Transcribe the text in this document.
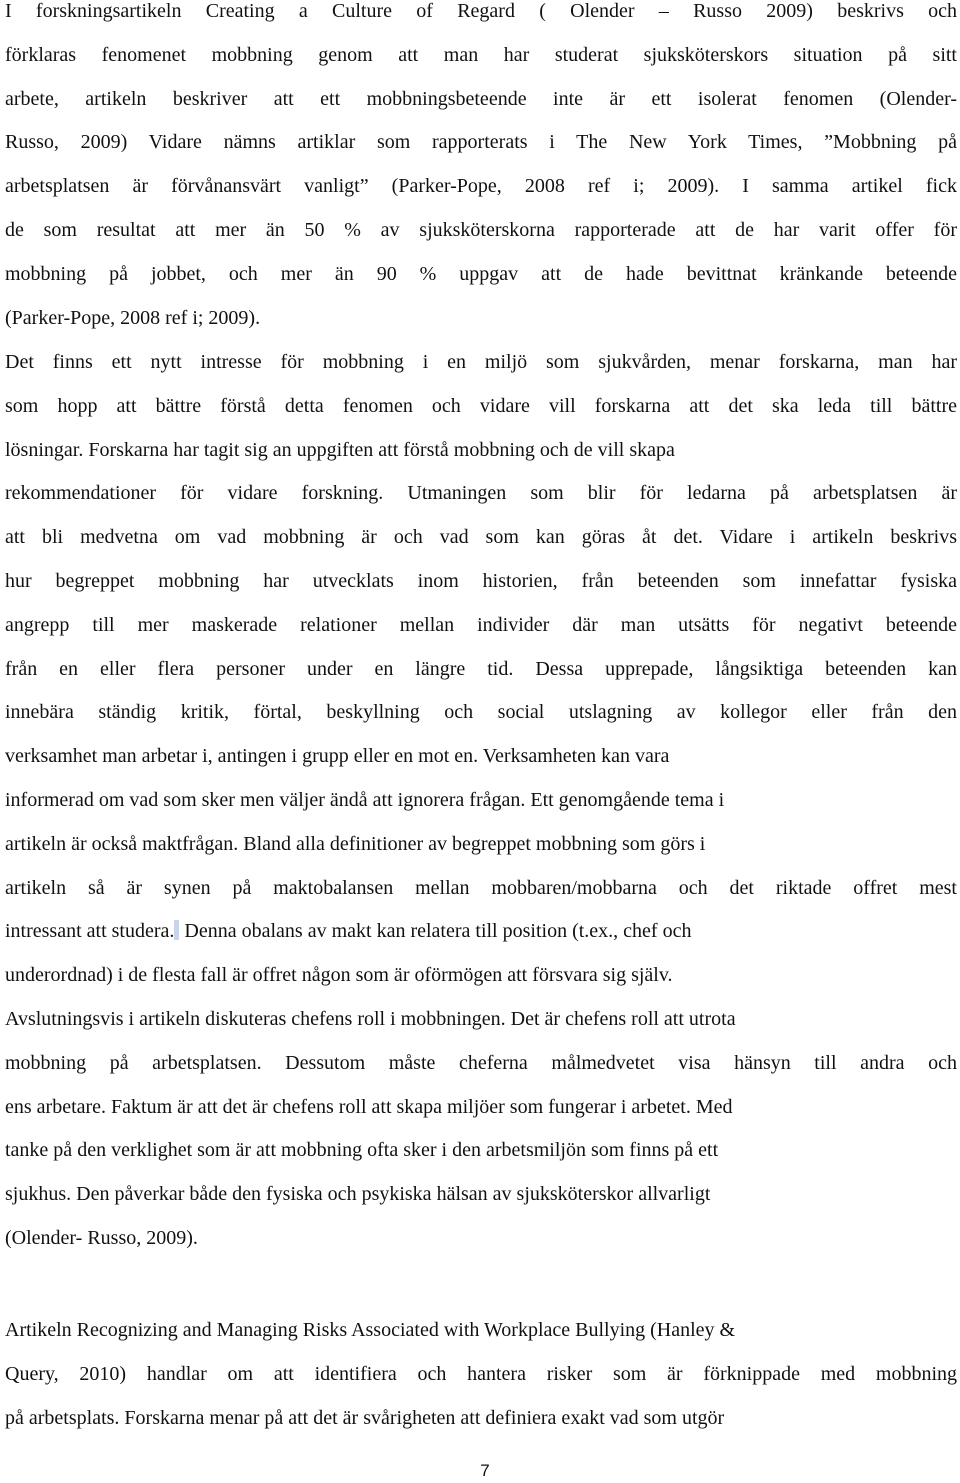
I forskningsartikeln Creating a Culture of Regard ( Olender – Russo 2009) beskrivs och
förklaras fenomenet mobbning genom att man har studerat sjuksköterskors situation på sitt
arbete, artikeln beskriver att ett mobbningsbeteende inte är ett isolerat fenomen (Olender-
Russo, 2009) Vidare nämns artiklar som rapporterats i The New York Times, ”Mobbning på
arbetsplatsen är förvånansvärt vanligt” (Parker-Pope, 2008 ref i; 2009). I samma artikel fick
de som resultat att mer än 50 % av sjuksköterskorna rapporterade att de har varit offer för
mobbning på jobbet, och mer än 90 % uppgav att de hade bevittnat kränkande beteende
(Parker-Pope, 2008 ref i; 2009).
Det finns ett nytt intresse för mobbning i en miljö som sjukvården, menar forskarna, man har
som hopp att bättre förstå detta fenomen och vidare vill forskarna att det ska leda till bättre
lösningar. Forskarna har tagit sig an uppgiften att förstå mobbning och de vill skapa
rekommendationer för vidare forskning. Utmaningen som blir för ledarna på arbetsplatsen är
att bli medvetna om vad mobbning är och vad som kan göras åt det. Vidare i artikeln beskrivs
hur begreppet mobbning har utvecklats inom historien, från beteenden som innefattar fysiska
angrepp till mer maskerade relationer mellan individer där man utsätts för negativt beteende
från en eller flera personer under en längre tid. Dessa upprepade, långsiktiga beteenden kan
innebära ständig kritik, förtal, beskyllning och social utslagning av kollegor eller från den
verksamhet man arbetar i, antingen i grupp eller en mot en. Verksamheten kan vara
informerad om vad som sker men väljer ändå att ignorera frågan. Ett genomgående tema i
artikeln är också maktfrågan. Bland alla definitioner av begreppet mobbning som görs i
artikeln så är synen på maktobalansen mellan mobbaren/mobbarna och det riktade offret mest
intressant att studera. Denna obalans av makt kan relatera till position (t.ex., chef och
underordnad) i de flesta fall är offret någon som är oförmögen att försvara sig själv.
Avslutningsvis i artikeln diskuteras chefens roll i mobbningen. Det är chefens roll att utrota
mobbning på arbetsplatsen. Dessutom måste cheferna målmedvetet visa hänsyn till andra och
ens arbetare. Faktum är att det är chefens roll att skapa miljöer som fungerar i arbetet. Med
tanke på den verklighet som är att mobbning ofta sker i den arbetsmiljön som finns på ett
sjukhus. Den påverkar både den fysiska och psykiska hälsan av sjuksköterskor allvarligt
(Olender- Russo, 2009).
Artikeln Recognizing and Managing Risks Associated with Workplace Bullying (Hanley &
Query, 2010) handlar om att identifiera och hantera risker som är förknippade med mobbning
på arbetsplats. Forskarna menar på att det är svårigheten att definiera exakt vad som utgör
7
